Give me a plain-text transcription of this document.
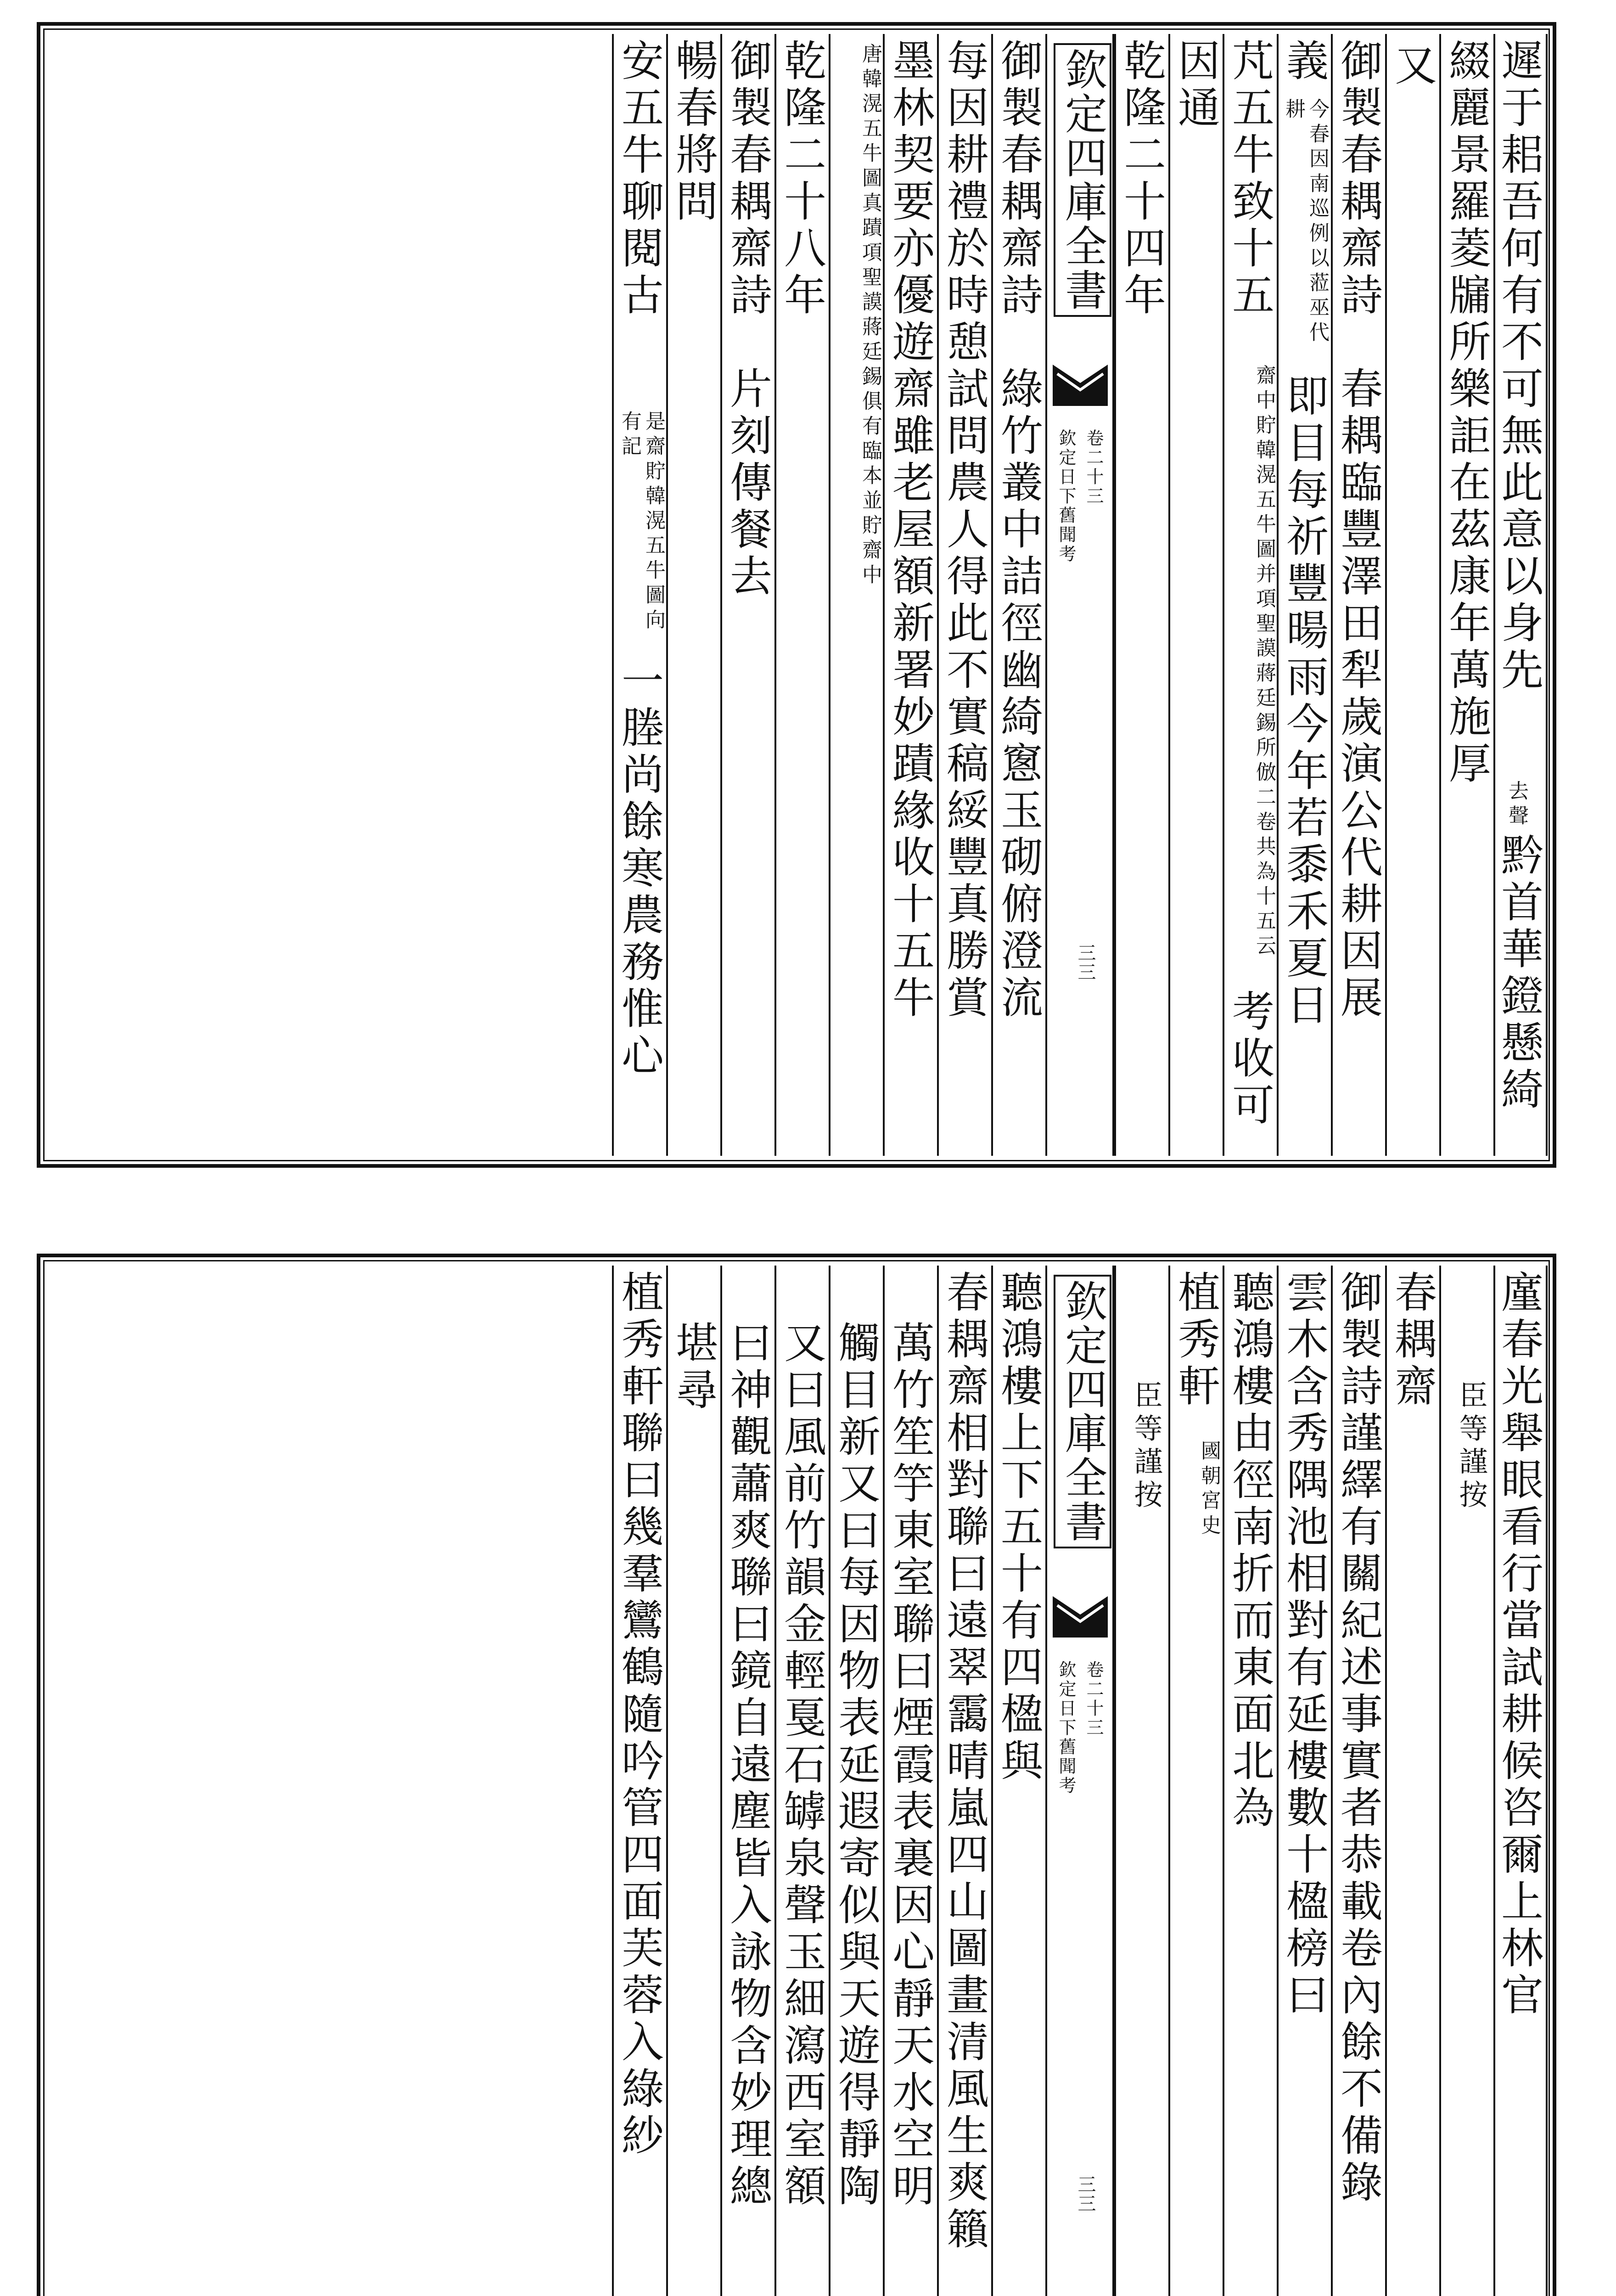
遲于耜吾何有不可無此意以身先
去聲
黔首華鐙懸綺
綴麗景羅菱牖所樂詎在茲康年萬施厚
又
御製春耦齋詩　春耦臨豐澤田犁歲演公代耕因展
義
今春因南巡例以蒞巫代耕
即目每祈豐暘雨今年若黍禾夏日
芃五牛致十五
齋中貯韓滉五牛圖并項聖謨蔣廷錫所倣二卷共為十五云
考收可
因通
乾隆二十四年
欽定四庫全書
欽定日下舊聞考 卷二十三
三三
御製春耦齋詩　綠竹叢中詰徑幽綺窻玉砌俯澄流
每因耕禮於時憩試問農人得此不實稿綏豐真勝賞
墨林契要亦優遊齋雖老屋額新署妙蹟緣收十五牛
唐韓滉五牛圖真蹟項聖謨蔣廷錫俱有臨本並貯齋中
乾隆二十八年
御製春耦齋詩　片刻傳餐去
暢春將問
安五牛聊閱古
是齋貯韓滉五牛圖向有記
一塍尚餘寒農務惟心
廑春光舉眼看行當試耕候咨爾上林官
臣等謹按
春耦齋
御製詩謹繹有關紀述事實者恭載卷內餘不備錄
雲木含秀隅池相對有延樓數十楹榜曰
聽鴻樓由徑南折而東面北為
植秀軒
國朝宮史
臣等謹按
欽定四庫全書
欽定日下舊聞考 卷二十三
三三
聽鴻樓上下五十有四楹與
春耦齋相對聯曰遠翠靄晴嵐四山圖畫清風生爽籟
萬竹笙竽東室聯曰煙霞表裏因心靜天水空明
觸目新又曰每因物表延遐寄似與天遊得靜陶
又曰風前竹韻金輕戛石罅泉聲玉細瀉西室額
曰神觀蕭爽聯曰鏡自遠塵皆入詠物含妙理總
堪尋
植秀軒聯曰幾羣鸞鶴隨吟管四面芙蓉入綠紗
